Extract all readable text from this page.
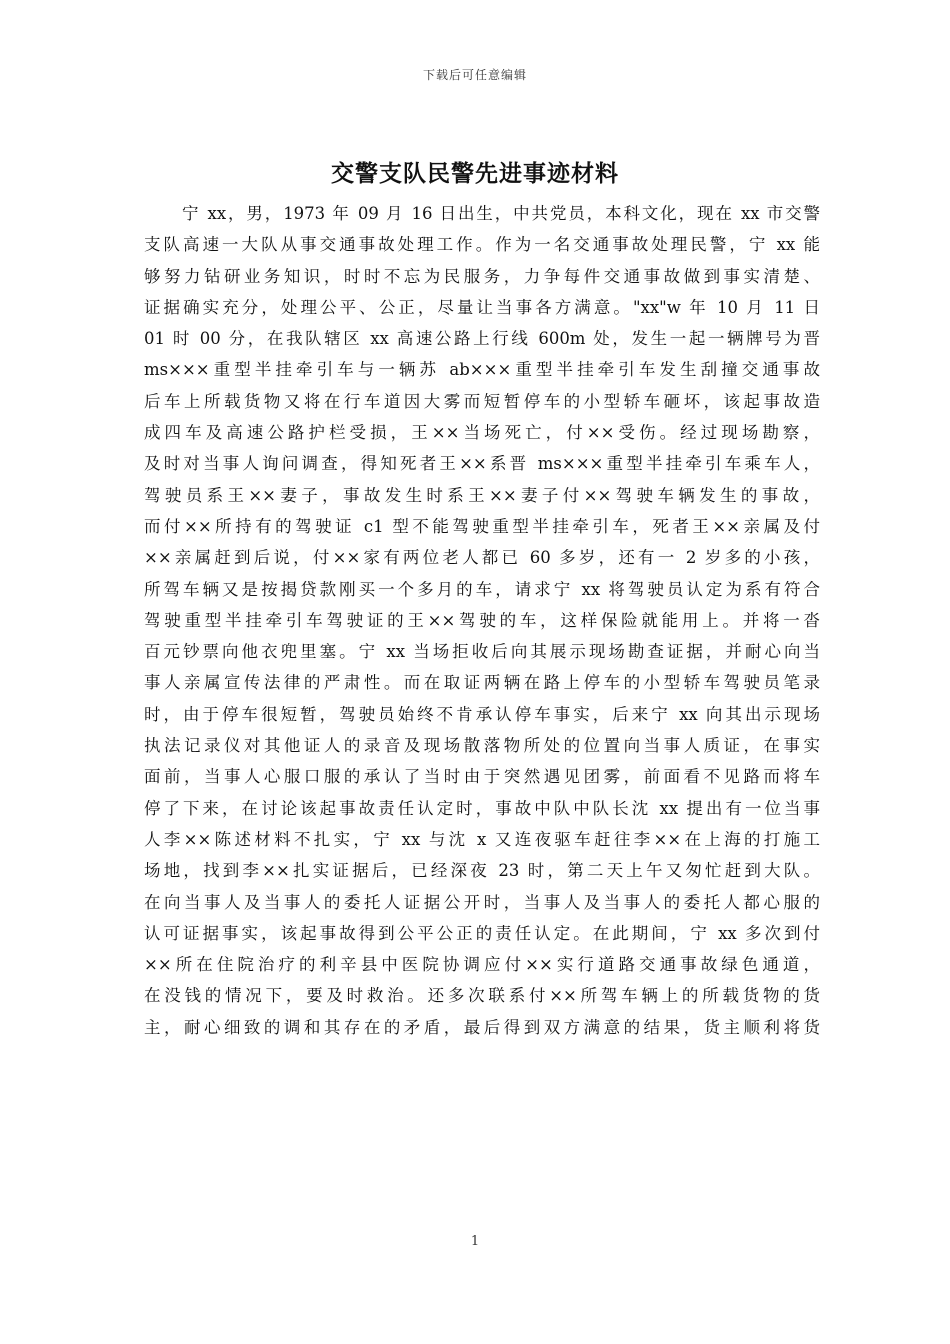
下载后可任意编辑
交警支队民警先进事迹材料
宁 xx，男，1973 年 09 月 16 日出生，中共党员，本科文化，现在 xx 市交警
支队高速一大队从事交通事故处理工作。作为一名交通事故处理民警，宁 xx 能
够努力钻研业务知识，时时不忘为民服务，力争每件交通事故做到事实清楚、
证据确实充分，处理公平、公正，尽量让当事各方满意。"xx"w 年 10 月 11 日
01 时 00 分，在我队辖区 xx 高速公路上行线 600m 处，发生一起一辆牌号为晋
ms×××重型半挂牵引车与一辆苏 ab×××重型半挂牵引车发生刮撞交通事故
后车上所载货物又将在行车道因大雾而短暂停车的小型轿车砸坏，该起事故造
成四车及高速公路护栏受损，王××当场死亡，付××受伤。经过现场勘察，
及时对当事人询问调查，得知死者王××系晋 ms×××重型半挂牵引车乘车人，
驾驶员系王××妻子，事故发生时系王××妻子付××驾驶车辆发生的事故，
而付××所持有的驾驶证 c1 型不能驾驶重型半挂牵引车，死者王××亲属及付
××亲属赶到后说，付××家有两位老人都已 60 多岁，还有一 2 岁多的小孩，
所驾车辆又是按揭贷款刚买一个多月的车，请求宁 xx 将驾驶员认定为系有符合
驾驶重型半挂牵引车驾驶证的王××驾驶的车，这样保险就能用上。并将一沓
百元钞票向他衣兜里塞。宁 xx 当场拒收后向其展示现场勘查证据，并耐心向当
事人亲属宣传法律的严肃性。而在取证两辆在路上停车的小型轿车驾驶员笔录
时，由于停车很短暂，驾驶员始终不肯承认停车事实，后来宁 xx 向其出示现场
执法记录仪对其他证人的录音及现场散落物所处的位置向当事人质证，在事实
面前，当事人心服口服的承认了当时由于突然遇见团雾，前面看不见路而将车
停了下来，在讨论该起事故责任认定时，事故中队中队长沈 xx 提出有一位当事
人李××陈述材料不扎实，宁 xx 与沈 x 又连夜驱车赶往李××在上海的打施工
场地，找到李××扎实证据后，已经深夜 23 时，第二天上午又匆忙赶到大队。
在向当事人及当事人的委托人证据公开时，当事人及当事人的委托人都心服的
认可证据事实，该起事故得到公平公正的责任认定。在此期间，宁 xx 多次到付
××所在住院治疗的利辛县中医院协调应付××实行道路交通事故绿色通道，
在没钱的情况下，要及时救治。还多次联系付××所驾车辆上的所载货物的货
主，耐心细致的调和其存在的矛盾，最后得到双方满意的结果，货主顺利将货
1
